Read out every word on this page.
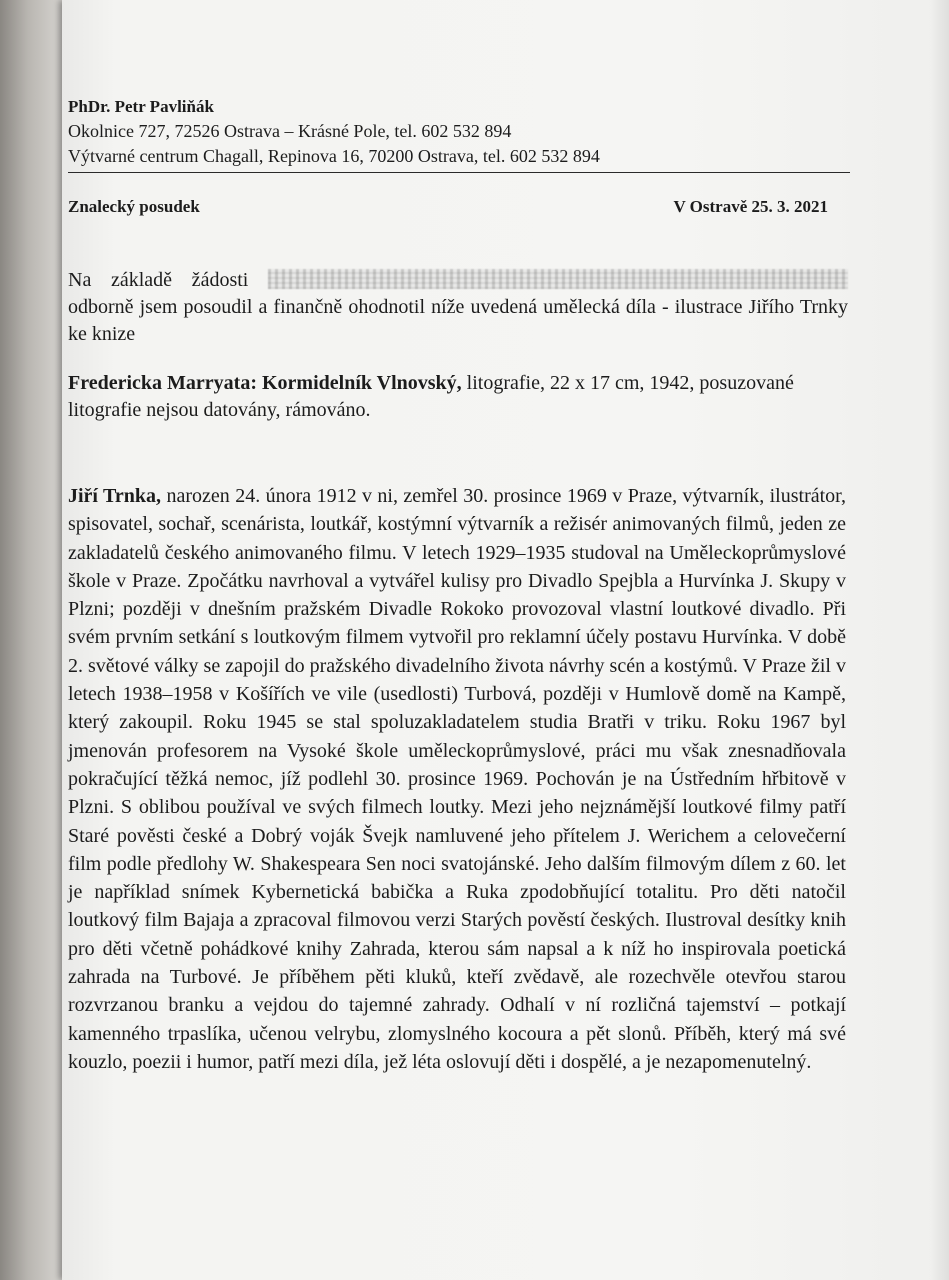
PhDr. Petr Pavliňák
Okolnice 727, 72526 Ostrava – Krásné Pole, tel. 602 532 894
Výtvarné centrum Chagall, Repinova 16, 70200 Ostrava, tel. 602 532 894
Znalecký posudek	V Ostravě 25. 3. 2021
Na základě žádosti  odborně jsem posoudil a finančně ohodnotil níže uvedená umělecká díla - ilustrace Jiřího Trnky ke knize
Fredericka Marryata: Kormidelník Vlnovský, litografie, 22 x 17 cm, 1942, posuzované litografie nejsou datovány, rámováno.
Jiří Trnka, narozen 24. února 1912 v ni, zemřel 30. prosince 1969 v Praze, výtvarník, ilustrátor, spisovatel, sochař, scenárista, loutkář, kostýmní výtvarník a režisér animovaných filmů, jeden ze zakladatelů českého animovaného filmu. V letech 1929–1935 studoval na Uměleckoprůmyslové škole v Praze. Zpočátku navrhoval a vytvářel kulisy pro Divadlo Spejbla a Hurvínka J. Skupy v Plzni; později v dnešním pražském Divadle Rokoko provozoval vlastní loutkové divadlo. Při svém prvním setkání s loutkovým filmem vytvořil pro reklamní účely postavu Hurvínka. V době 2. světové války se zapojil do pražského divadelního života návrhy scén a kostýmů. V Praze žil v letech 1938–1958 v Košířích ve vile (usedlosti) Turbová, později v Humlově domě na Kampě, který zakoupil. Roku 1945 se stal spoluzakladatelem studia Bratři v triku. Roku 1967 byl jmenován profesorem na Vysoké škole uměleckoprůmyslové, práci mu však znesnadňovala pokračující těžká nemoc, jíž podlehl 30. prosince 1969. Pochován je na Ústředním hřbitově v Plzni. S oblibou používal ve svých filmech loutky. Mezi jeho nejznámější loutkové filmy patří Staré pověsti české a Dobrý voják Švejk namluvené jeho přítelem J. Werichem a celovečerní film podle předlohy W. Shakespeara Sen noci svatojánské. Jeho dalším filmovým dílem z 60. let je například snímek Kybernetická babička a Ruka zpodobňující totalitu. Pro děti natočil loutkový film Bajaja a zpracoval filmovou verzi Starých pověstí českých. Ilustroval desítky knih pro děti včetně pohádkové knihy Zahrada, kterou sám napsal a k níž ho inspirovala poetická zahrada na Turbové. Je příběhem pěti kluků, kteří zvědavě, ale rozechvěle otevřou starou rozvrzanou branku a vejdou do tajemné zahrady. Odhalí v ní rozličná tajemství – potkají kamenného trpaslíka, učenou velrybu, zlomyslného kocoura a pět slonů. Příběh, který má své kouzlo, poezii i humor, patří mezi díla, jež léta oslovují děti i dospělé, a je nezapomenutelný.
